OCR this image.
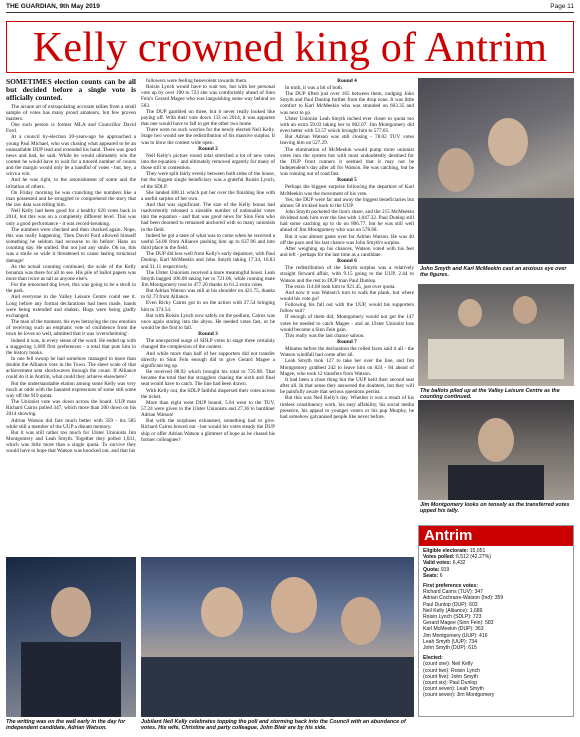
THE GUARDIAN, 9th May 2019	Page 11
Kelly crowned king of Antrim

SOMETIMES election counts can be all but decided before a single vote is officially counted.

The arcane art of extrapolating accurate tallies from a small sample of votes has many proud amateurs, but few proven masters.

One such person is former MLA and Councillor David Ford.

At a council by-election 20-years-ago he approached a young Paul Michael, who was chasing what appeared to be an unassailable DUP lead and extended his hand. There was good news and bad, he said. While he would ultimately win the contest he would have to wait for a tutored number of counts and the margin would only be a handful of votes - but, hey, a win's a win.

And he was right, to the astonishment of some and the irritation of others.

On Friday morning he was crunching the numbers like a man possessed and he struggled to comprehend the story that the raw data was telling him.

Neil Kelly had been good for a healthy 620 votes back in 2014, but this was on a completely different level. This was only a good performance - it was record-breaking.

The numbers were checked and then checked again. Nope, this was really happening. Then David Ford allowed himself something he seldom had recourse to do before: Hans on counting day. He smiled. But not just any smile. Oh no, this was a smile so wide it threatened to cause lasting structural damage!

As the actual counting continued, the scale of the Kelly bonanza was there for all to see. His pile of ballot papers was more than twice as tall as anyone else's.

For the renowned dog lover, this was going to be a stroll in the park.

And everyone in the Valley Leisure Centre could see it. Long before any formal declarations had been made, hands were being extended and shaken. Hugs were being gladly exchanged.

The man of the moment, his eyes betraying the raw emotion of receiving such an emphatic vote of confidence from the town he loves so well, admitted that it was 'overwhelming'.

Indeed it was, in every sense of the word. He ended up with a staggering 1,689 first preferences - a total that puts him in the history books.

In one fell swoop he had somehow managed to more than double the Alliance vote in the Town. The sheer scale of that achievement sent shockwaves through the count. If Alliance could do it in Antrim, what could they achieve elsewhere?

But the understandable elation among some Kelly was very much at odds with the haunted expressions of some still some way off the 919 quota.

The Unionist vote was down across the board. UUP man Richard Cairns polled 347, which more than 200 down on his 2014 showing.

Adrian Watson did fare much better with 359 - his 585 while still a member of the UUP a distant memory.

But it was still rather too much for Ulster Unionists Jim Montgomery and Leah Smyth. Together they polled 1,031, which was little more than a single quota. To survive they would have to hope that Watson was knocked out, and that his

followers were feeling benevolent towards them.

Roisin Lynch would have to wait too, but with her personal vote up by over 100 to 723 she was comfortably ahead of Sinn Fein's Gerard Magee who was languishing some way behind on 583.

The DUP gambled on three, but it never really looked like paying off. With their vote down 133 on 2014, it was apparent that one would have to fall to get the other two home.

There were no such worries for the newly elected Neil Kelly. Stage two would see the redistribution of his massive surplus. It was to blow the contest wide open.

Round 2

Neil Kelly's picture round total stretched a lot of new votes into the equation - and ultimately removed urgently for many of those still in contention.

They were split fairly evenly between both sides of the house, but the biggest single beneficiary was a grateful Roisin Lynch, of the SDLP.

She landed 308.11 which put her over the finishing line with a useful surplus of her own.

And that was significant. The size of the Kelly bonus had inadvertently released a sizeable number of nationalist votes into the equation - and that was good news for Sinn Fein who had been doomed to remained anchored with so many unionists in the field.

Indeed he got a taste of what was to come when he received a useful 54.06 from Alliance pushing him up to 637.06 and into third place in the field.

The DUP did less well from Kelly's early departure, with Paul Dunlop, Karl McMeekin and John Smyth taking 17.34, 16.83 and 31.11 respectively.

The Ulster Unionists received a more meaningful boost. Leah Smyth bagged 106.08 taking her to 721.06, while running mate Jim Montgomery rose to 477.20 thanks to 61.2 extra votes.

But Adrian Watson was still at his shoulder on 421.75, thanks to 62.73 from Alliance.

Even Ricky Cairns got in on the action with 27.54 bringing him to 374.54.

But with Roisin Lynch now safely on the podium, Cairns was once again staring into the abyss. He needed votes fast, or he would be the first to fall.

Round 3

The unexpected surge of SDLP votes in stage three certainly changed the complexion of the contest.

And while more than half of her supporters did not transfer directly to Sinn Fein enough did to give Gerard Magee a significant leg up.

He received 88.92 which brought his total to 725.98. That became the total that the stragglers chasing the sixth and final seat would have to catch. The line had been drawn.

With Kelly out, the SDLP faithful dispersed their votes across the ticket.

More than eight went DUP bound, 5.04 went to the TUV, 57.24 were given to the Ulster Unionists and 27.36 to hardliner Adrian Watson!

But with the surpluses exhausted, something had to give. Richard Cairns bowed out - but would his votes steady the DUP ship or offer Adrian Watson a glimmer of hope as he chased his former colleagues?

Round 4

In truth, it was a bit of both.

The DUP lifted just over 165 between them, nudging John Smyth and Paul Dunlop further from the drop zone. It was little comfort to Karl McMeekin who was stranded on 603.35 and was next to go.

Ulster Unionist Leah Smyth inched ever closer to quota too with an extra 59.03 taking her to 802.07. Jim Montgomery did even better with 53.57 which brought him to 577.05.

But Adrian Watson was still closing - 78.02 TUV votes leaving him on 527.29.

The elimination of McMeekin would pump more unionist votes into the system but with most undoubtedly destined for the DUP front runners it seemed that it may not be Independent's day after all for Watson. He was catching, but he was running out of road fast.

Round 5

Perhaps the biggest surprise following the departure of Karl McMeekin was the movement of his vote.

Yes, the DUP were far and away the biggest beneficiaries but almost 58 trickled back to the UUP.

John Smyth pocketed the lion's share, and the 215 McMeekin dividend took him over the line with 1,047.32. Paul Dunlop still had some catching up to do on 806.77, but he was still well ahead of Jim Montgomery who was on 578.68.

But it was almost game over for Adrian Watson. He was 40 off the pace and his last chance was John Smyth's surplus.

After weighing up his chances, Watson voted with his feet and left - perhaps for the last time as a candidate.

Round 6

The redistribution of the Smyth surplus was a relatively straight forward affair, with 9.15 going to the UUP, 2.44 to Watson and the rest to DUP man Paul Dunlop.

The extra 114.68 took him to 921.45, just over quota.

And now it was Watson's turn to walk the plank, but where would his vote go?

Following his fall out with the UUP, would his supporters follow suit?

If enough of them did, Montgomery would not get the 147 votes he needed to catch Magee - and an Ulster Unionist loss would become a Sinn Fein gain.

This really was the last chance saloon.

Round 7

Minutes before the declaration the rolled faces said it all - the Watson windfall had come after all.

Leah Smyth took 127 to take her over the line, and Jim Montgomery grabbed 242 to leave him on 824 - 84 ahead of Magee, who took 12 transfers from Watson.

It had been a close thing but the UUP held their second seat after all. In that sense they answered the doubters, but they will be painfully aware that serious questions persist.

But this was Neil Kelly's day. Whether it was a result of his tireless constituency work, his easy affability, his social media presence, his appeal to younger voters or his pup Murphy, he had somehow galvanised people like never before.

John Smyth and Karl McMeekin cast an anxious eye over the figures.
The ballots piled up at the Valley Leisure Centre as the counting continued.
Jim Montgomery looks on tensely as the transferred votes upped his tally.
The writing was on the wall early in the day for independent candidate, Adrian Watson.
Jubilant Neil Kelly celebrates topping the poll and storming back into the Council with an abundance of votes. His wife, Christine and party colleague, John Blair are by his side.
Antrim
Eligible electorate: 15,051
Votes polled: 6,512 (42.27%)
Valid votes: 6,432
Quota: 919
Seats: 6
First preference votes:
Richard Cairns (TUV): 347
Adrian Cochrane-Watson (Ind): 359
Paul Dunlop (DUP): 603
Neil Kelly (Alliance): 1,689
Roisin Lynch (SDLP): 723
Gerard Magee (Sinn Fein): 583
Karl McMeekin (DUP): 363
Jim Montgomery (UUP): 416
Leah Smyth (UUP): 734
John Smyth (DUP): 615
Elected:
(count one): Neil Kelly
(count two): Roisin Lynch
(count five): John Smyth
(count six): Paul Dunlop
(count seven): Leah Smyth
(count seven): Jim Montgomery
